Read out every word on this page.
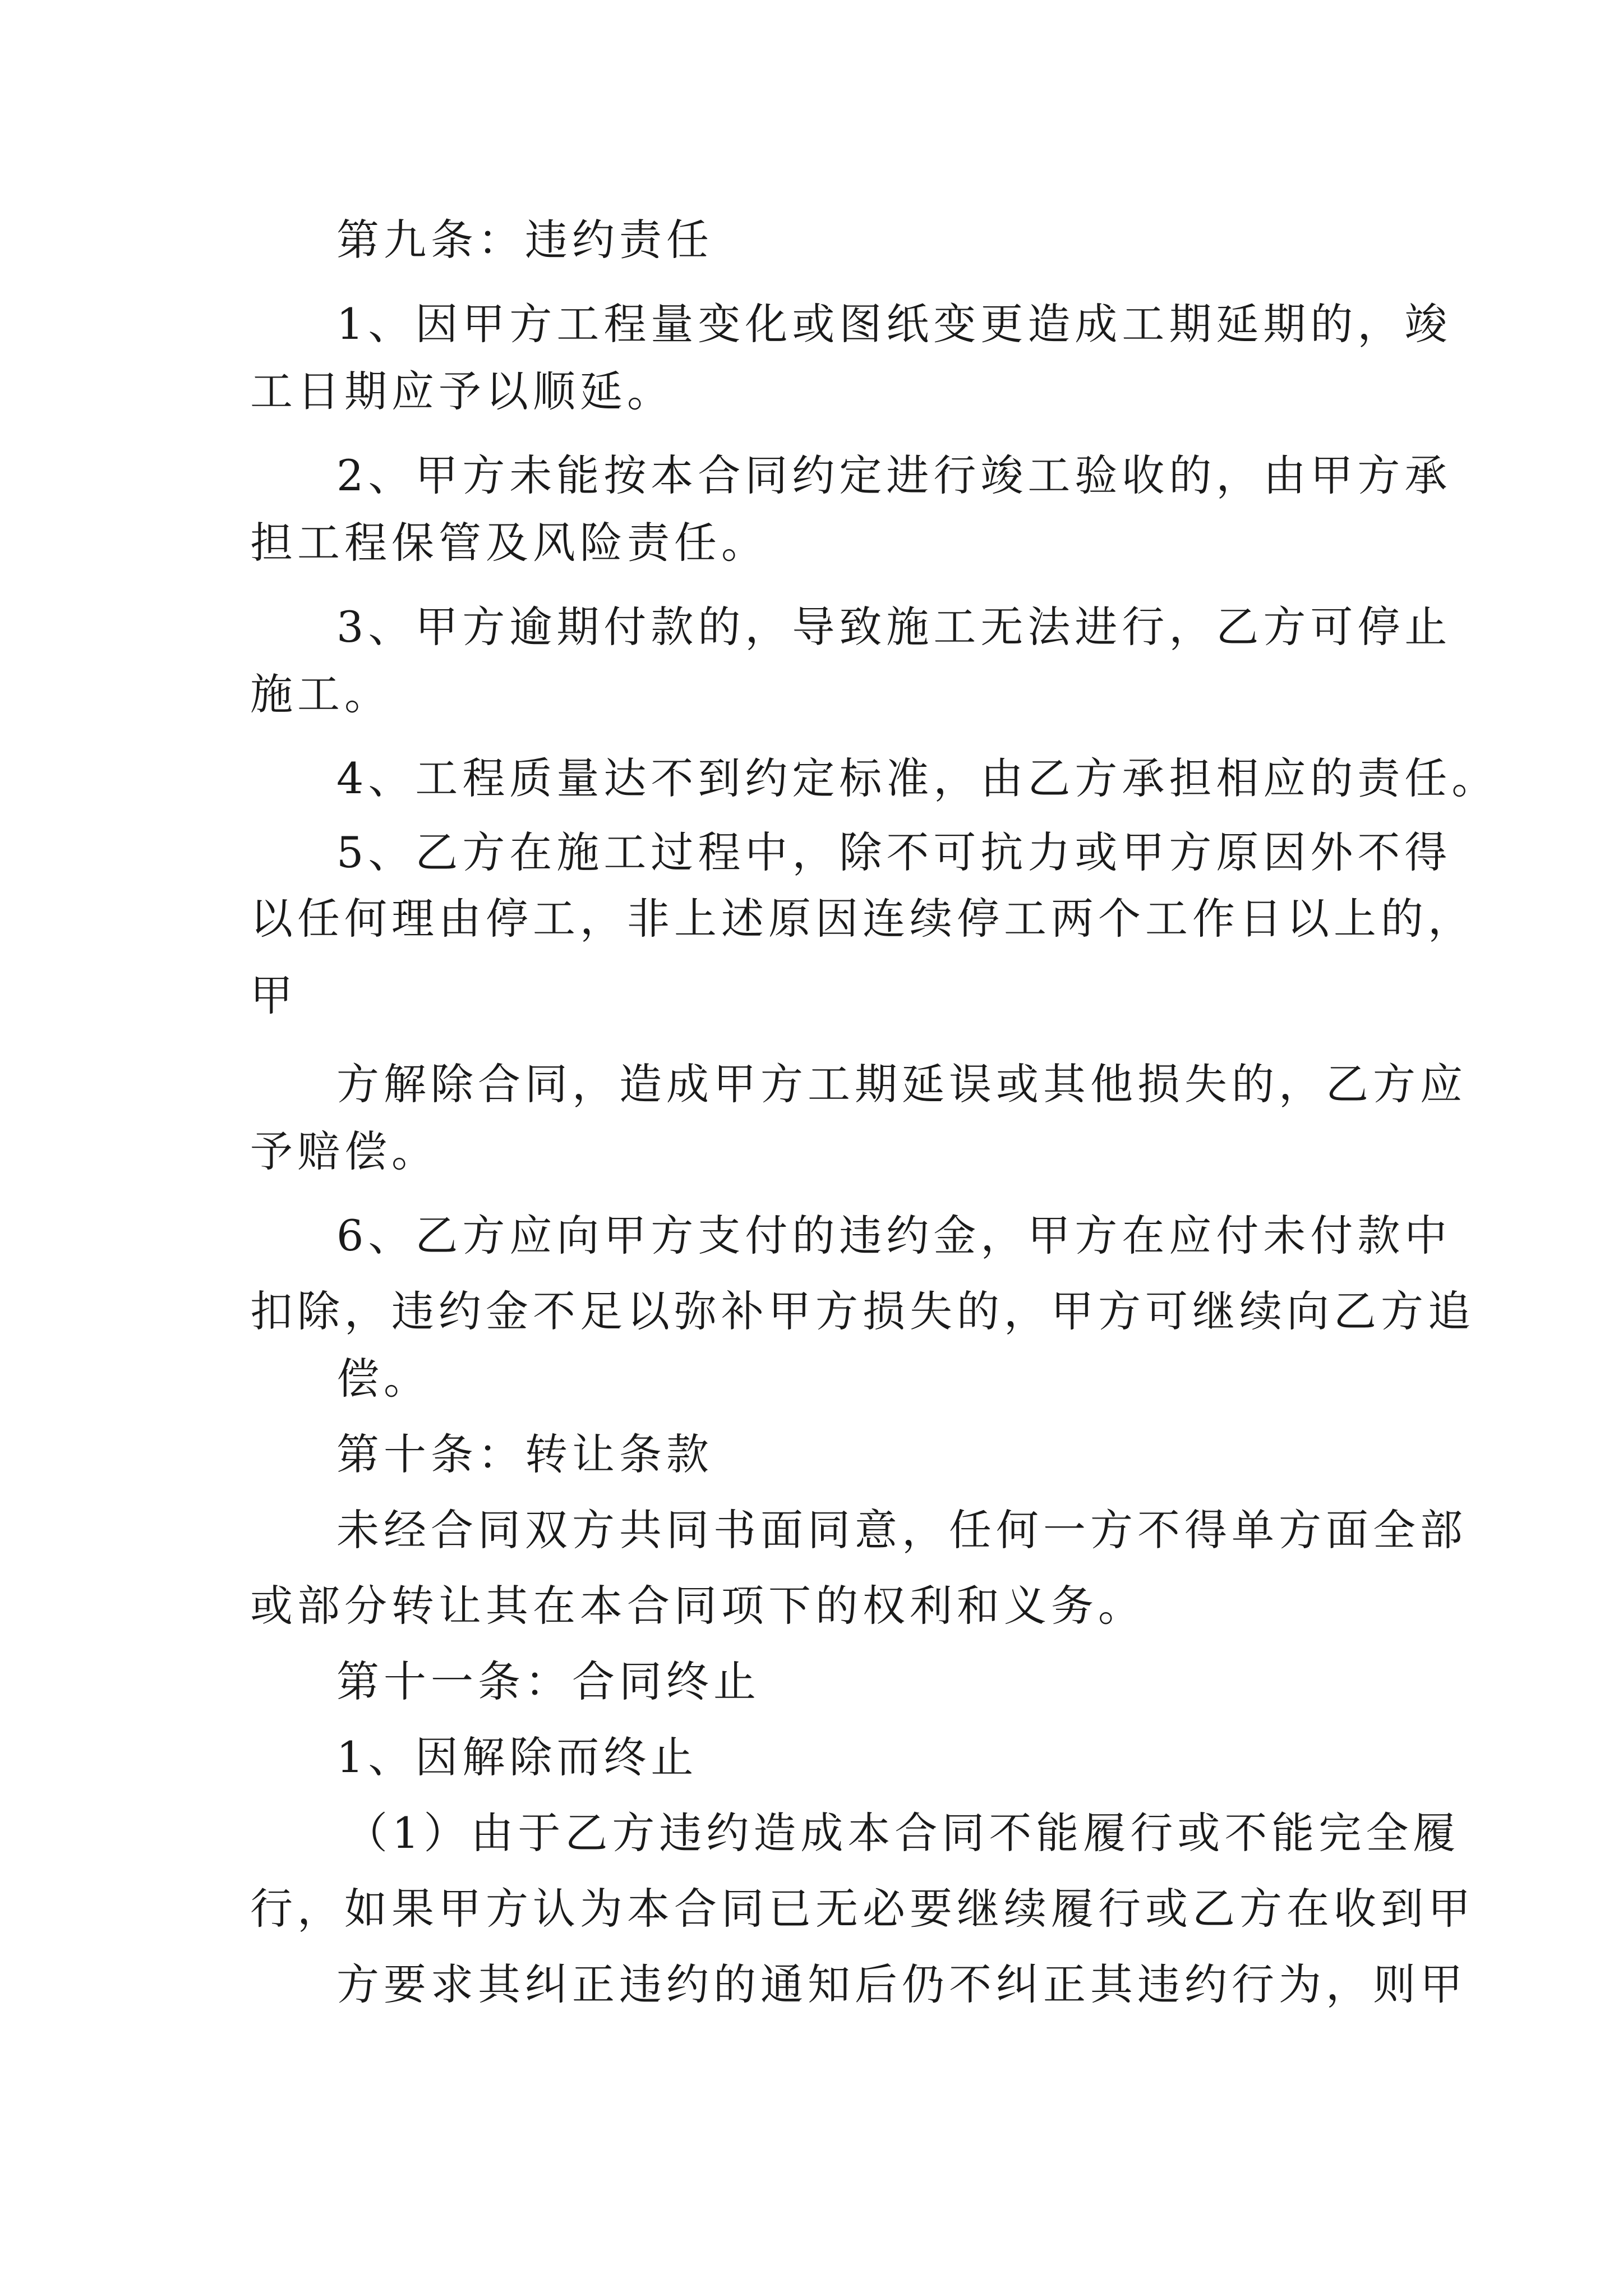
第九条：违约责任
1、因甲方工程量变化或图纸变更造成工期延期的，竣
工日期应予以顺延。
2、甲方未能按本合同约定进行竣工验收的，由甲方承
担工程保管及风险责任。
3、甲方逾期付款的，导致施工无法进行，乙方可停止
施工。
4、工程质量达不到约定标准，由乙方承担相应的责任。
5、乙方在施工过程中，除不可抗力或甲方原因外不得
以任何理由停工，非上述原因连续停工两个工作日以上的，
甲
方解除合同，造成甲方工期延误或其他损失的，乙方应
予赔偿。
6、乙方应向甲方支付的违约金，甲方在应付未付款中
扣除，违约金不足以弥补甲方损失的，甲方可继续向乙方追
偿。
第十条：转让条款
未经合同双方共同书面同意，任何一方不得单方面全部
或部分转让其在本合同项下的权利和义务。
第十一条：合同终止
1、因解除而终止
（1）由于乙方违约造成本合同不能履行或不能完全履
行，如果甲方认为本合同已无必要继续履行或乙方在收到甲
方要求其纠正违约的通知后仍不纠正其违约行为，则甲
